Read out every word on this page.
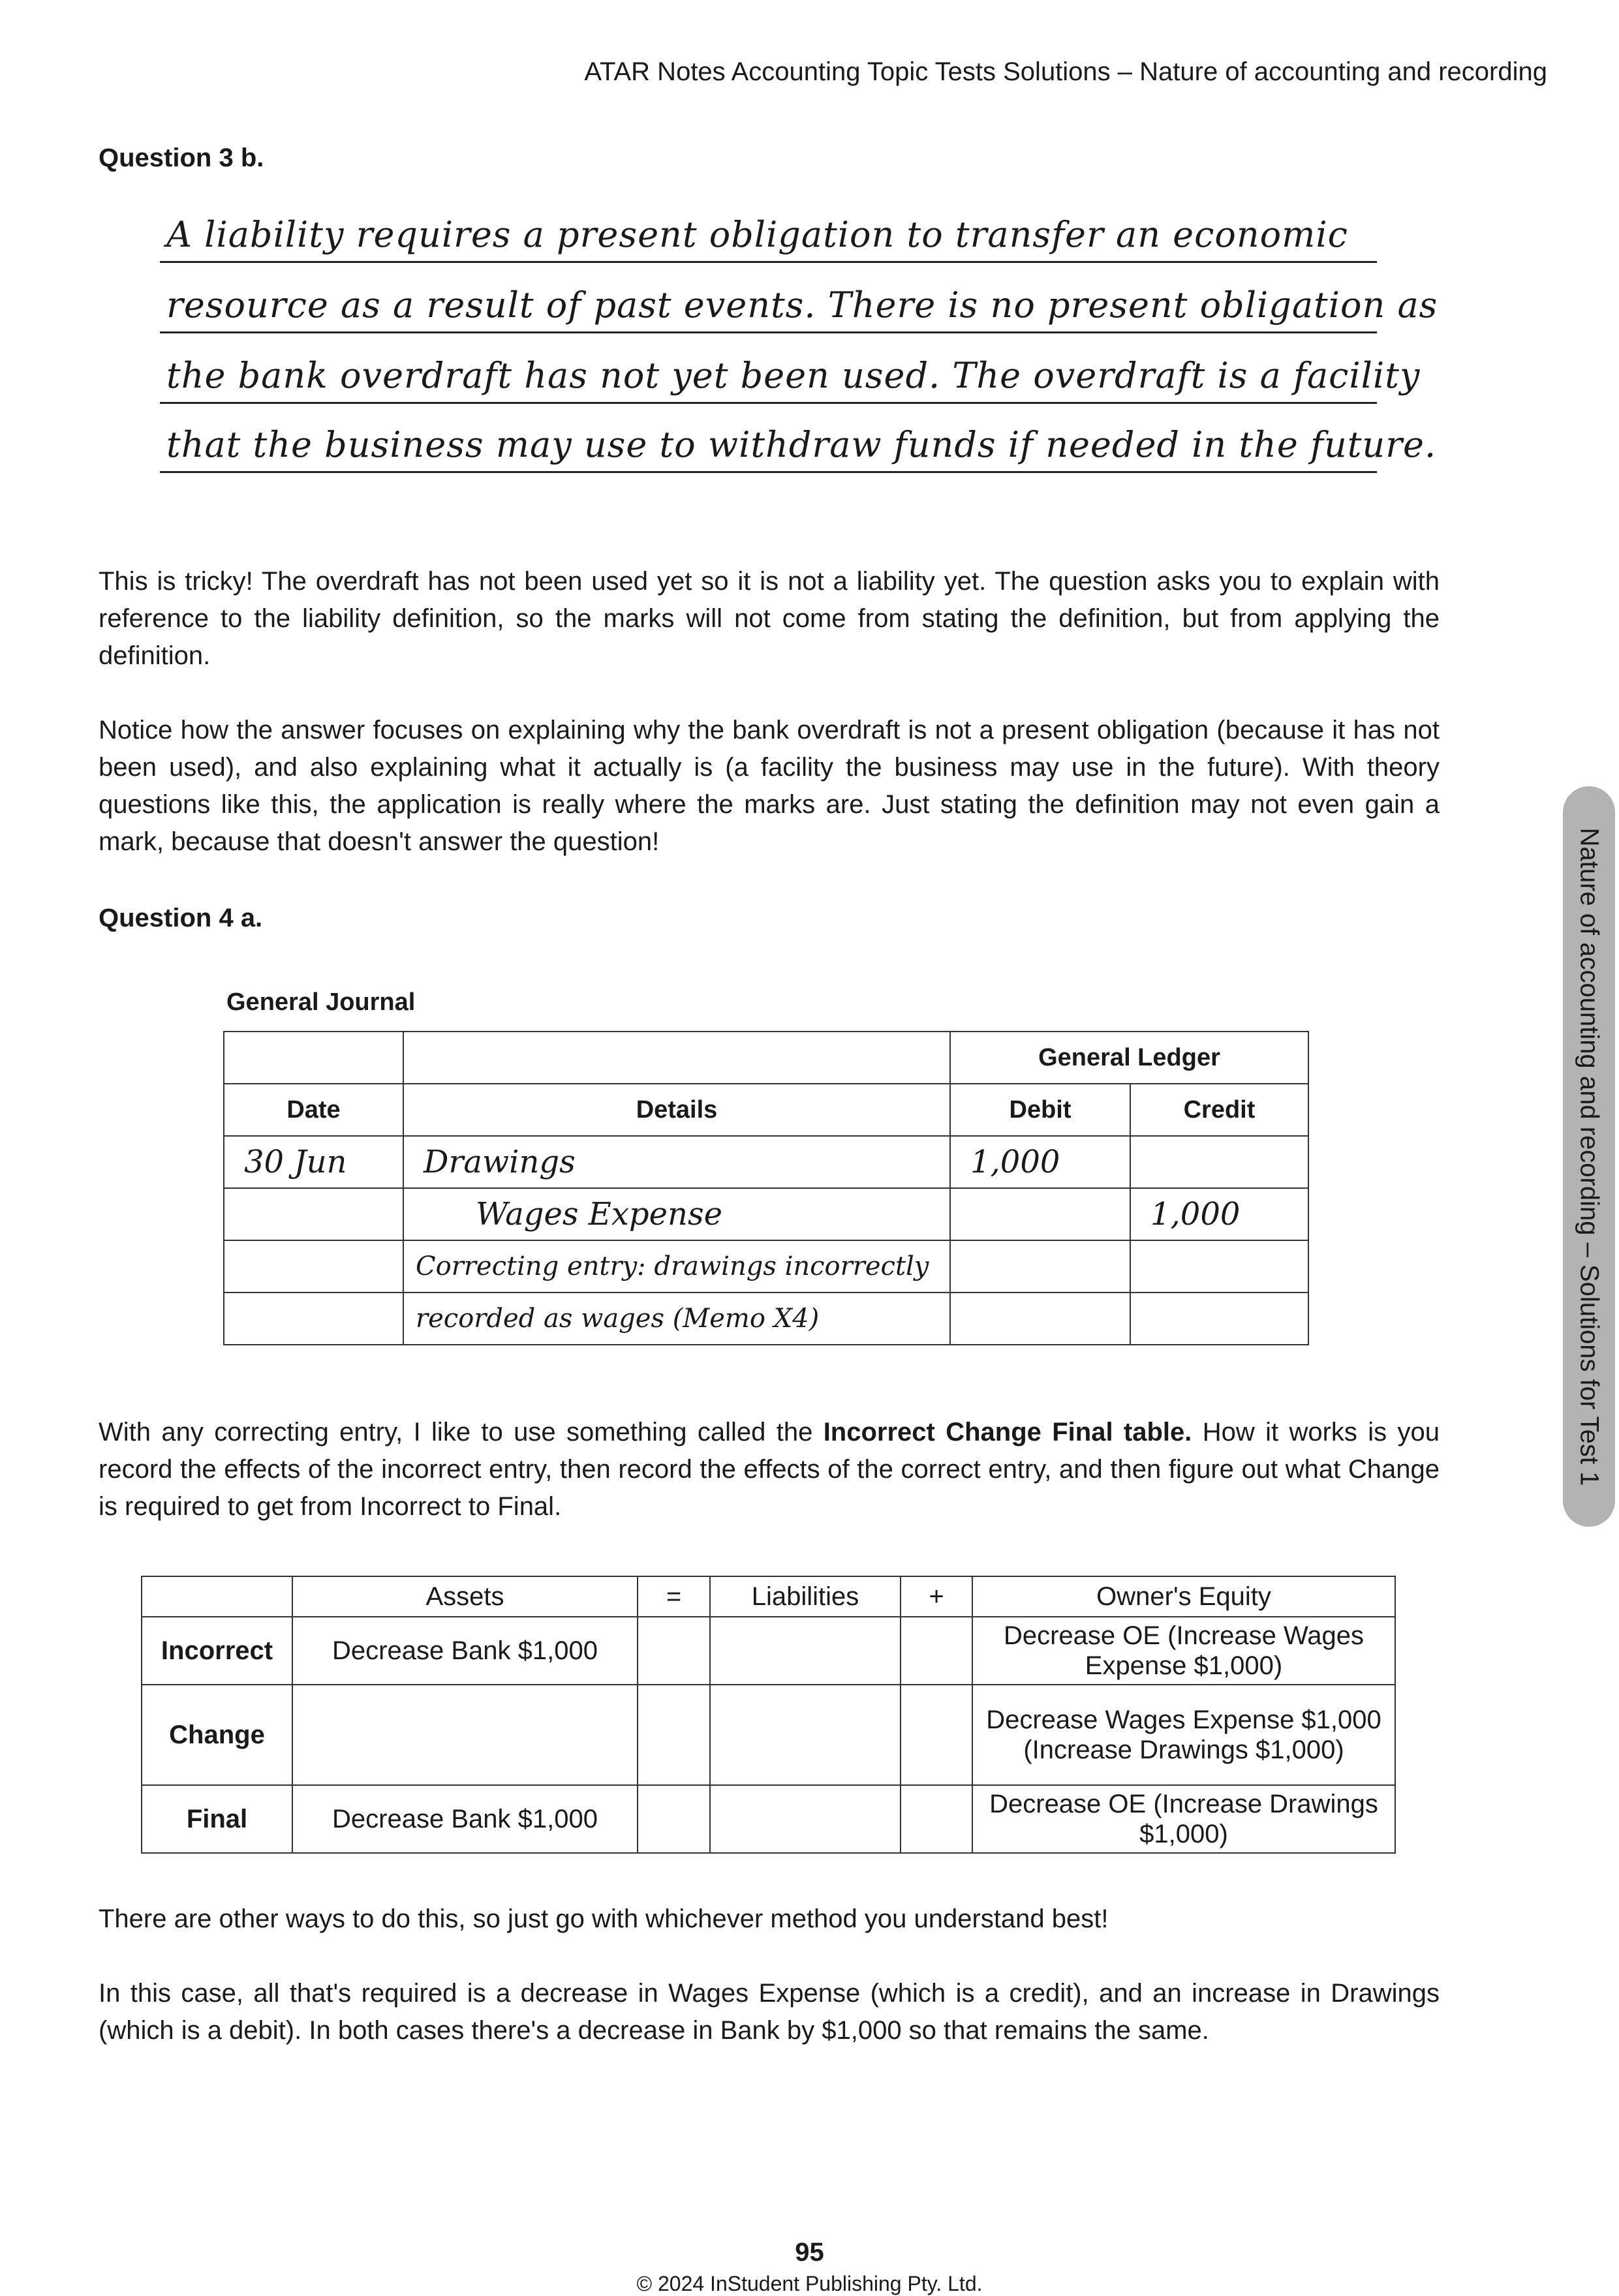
ATAR Notes Accounting Topic Tests Solutions – Nature of accounting and recording
Question 3 b.
A liability requires a present obligation to transfer an economic
resource as a result of past events. There is no present obligation as
the bank overdraft has not yet been used. The overdraft is a facility
that the business may use to withdraw funds if needed in the future.

This is tricky! The overdraft has not been used yet so it is not a liability yet. The question asks you to explain with reference to the liability definition, so the marks will not come from stating the definition, but from applying the definition.

Notice how the answer focuses on explaining why the bank overdraft is not a present obligation (because it has not been used), and also explaining what it actually is (a facility the business may use in the future). With theory questions like this, the application is really where the marks are. Just stating the definition may not even gain a mark, because that doesn't answer the question!

Question 4 a.
General Journal
		General Ledger	
Date	Details	Debit	Credit
30 Jun	Drawings	1,000	
	Wages Expense		1,000
	Correcting entry: drawings incorrectly		
	recorded as wages (Memo X4)		

With any correcting entry, I like to use something called the Incorrect Change Final table. How it works is you record the effects of the incorrect entry, then record the effects of the correct entry, and then figure out what Change is required to get from Incorrect to Final.

	Assets	=	Liabilities	+	Owner's Equity
Incorrect	Decrease Bank $1,000				Decrease OE (Increase Wages Expense $1,000)
Change					Decrease Wages Expense $1,000 (Increase Drawings $1,000)
Final	Decrease Bank $1,000				Decrease OE (Increase Drawings $1,000)

There are other ways to do this, so just go with whichever method you understand best!

In this case, all that's required is a decrease in Wages Expense (which is a credit), and an increase in Drawings (which is a debit). In both cases there's a decrease in Bank by $1,000 so that remains the same.

Nature of accounting and recording – Solutions for Test 1
95
© 2024 InStudent Publishing Pty. Ltd.
